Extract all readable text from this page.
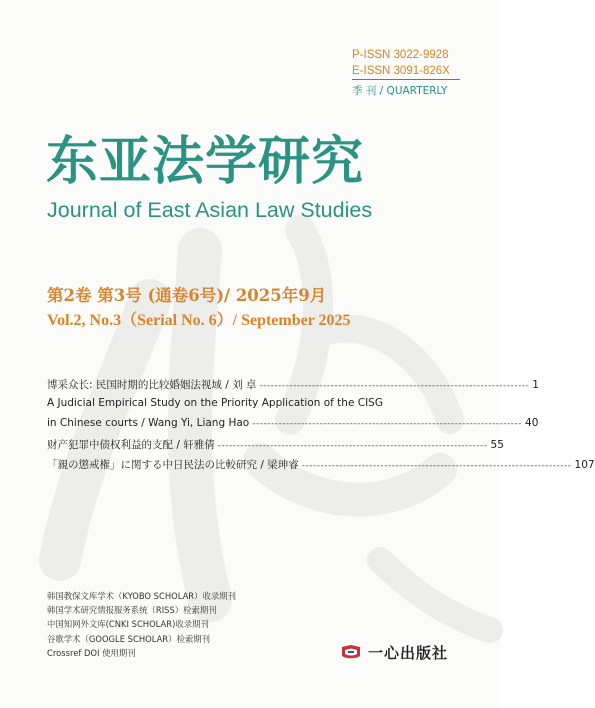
P-ISSN 3022-9928
E-ISSN 3091-826X
季 刊 / QUARTERLY
东亚法学研究
Journal of East Asian Law Studies
第2卷 第3号 (通卷6号)/ 2025年9月
Vol.2, No.3（Serial No. 6）/ September 2025
博采众长: 民国时期的比较婚姻法视域 / 刘 卓 ------------------------------------------------------------------------ 1
A Judicial Empirical Study on the Priority Application of the CISG
in Chinese courts / Wang Yi, Liang Hao ------------------------------------------------------------------------ 40
财产犯罪中债权利益的支配 / 轩雅倩 ------------------------------------------------------------------------ 55
「親の懲戒権」に関する中日民法の比較研究 / 梁珅睿 ------------------------------------------------------------------------ 107
韩国教保文库学术（KYOBO SCHOLAR）收录期刊
韩国学术研究情报服务系统（RISS）检索期刊
中国知网外文库(CNKI SCHOLAR)收录期刊
谷歌学术（GOOGLE SCHOLAR）检索期刊
Crossref DOI 使用期刊	一心出版社
